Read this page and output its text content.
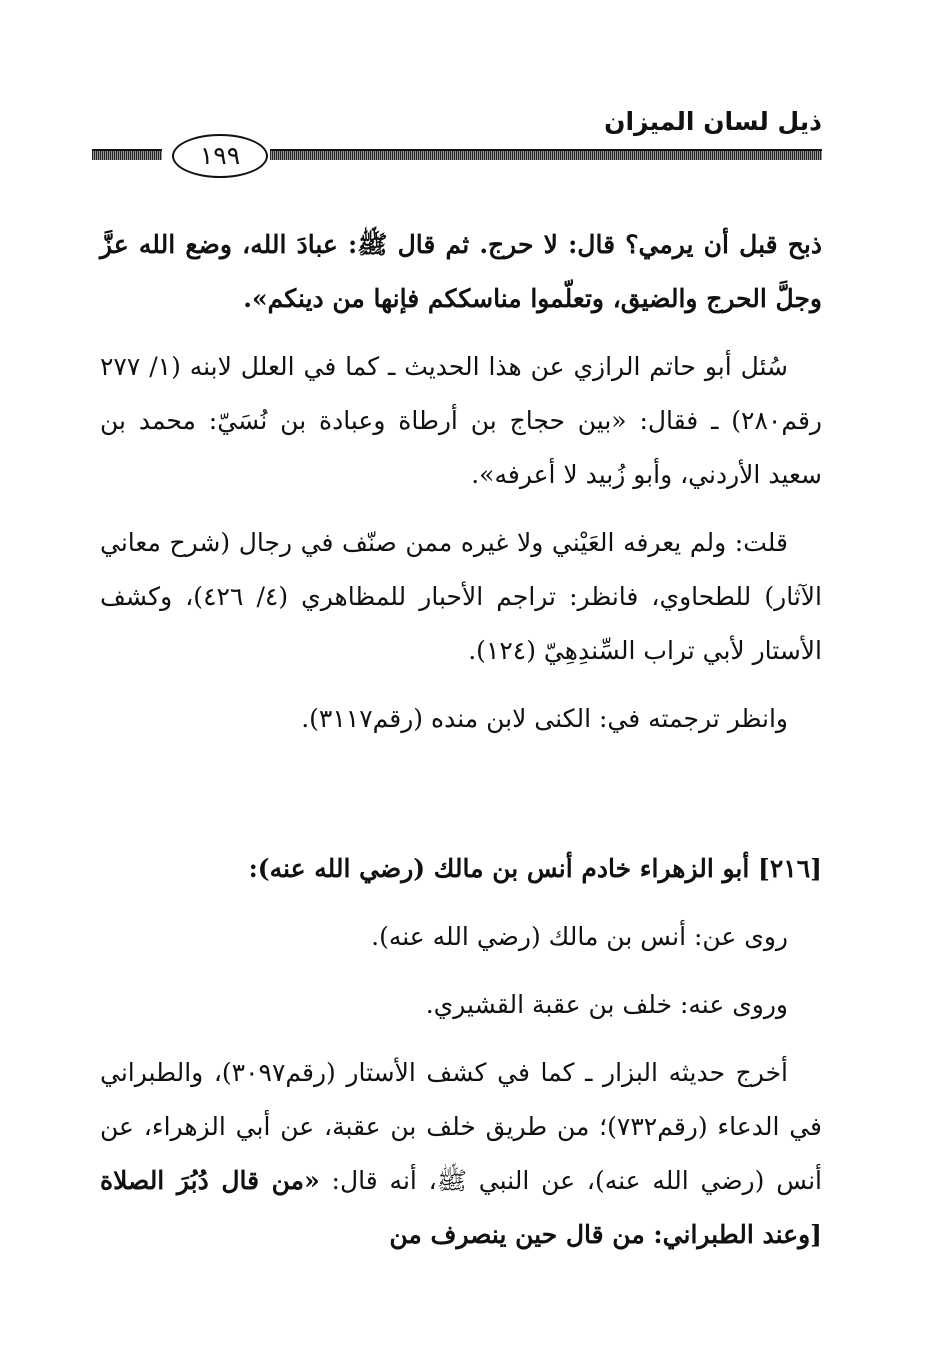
ذيل لسان الميزان
١٩٩

ذبح قبل أن يرمي؟ قال: لا حرج. ثم قال ﷺ: عبادَ الله، وضع الله عزَّ وجلَّ الحرج والضيق، وتعلّموا مناسككم فإنها من دينكم».

سُئل أبو حاتم الرازي عن هذا الحديث ـ كما في العلل لابنه (١/ ٢٧٧ رقم٢٨٠) ـ فقال: «بين حجاج بن أرطاة وعبادة بن نُسَيّ: محمد بن سعيد الأردني، وأبو زُبيد لا أعرفه».

قلت: ولم يعرفه العَيْني ولا غيره ممن صنّف في رجال (شرح معاني الآثار) للطحاوي، فانظر: تراجم الأحبار للمظاهري (٤/ ٤٢٦)، وكشف الأستار لأبي تراب السِّندِهِيّ (١٢٤).

وانظر ترجمته في: الكنى لابن منده (رقم٣١١٧).

[٢١٦] أبو الزهراء خادم أنس بن مالك (رضي الله عنه):

روى عن: أنس بن مالك (رضي الله عنه).

وروى عنه: خلف بن عقبة القشيري.

أخرج حديثه البزار ـ كما في كشف الأستار (رقم٣٠٩٧)، والطبراني في الدعاء (رقم٧٣٢)؛ من طريق خلف بن عقبة، عن أبي الزهراء، عن أنس (رضي الله عنه)، عن النبي ﷺ، أنه قال: «من قال دُبُرَ الصلاة [وعند الطبراني: من قال حين ينصرف من
